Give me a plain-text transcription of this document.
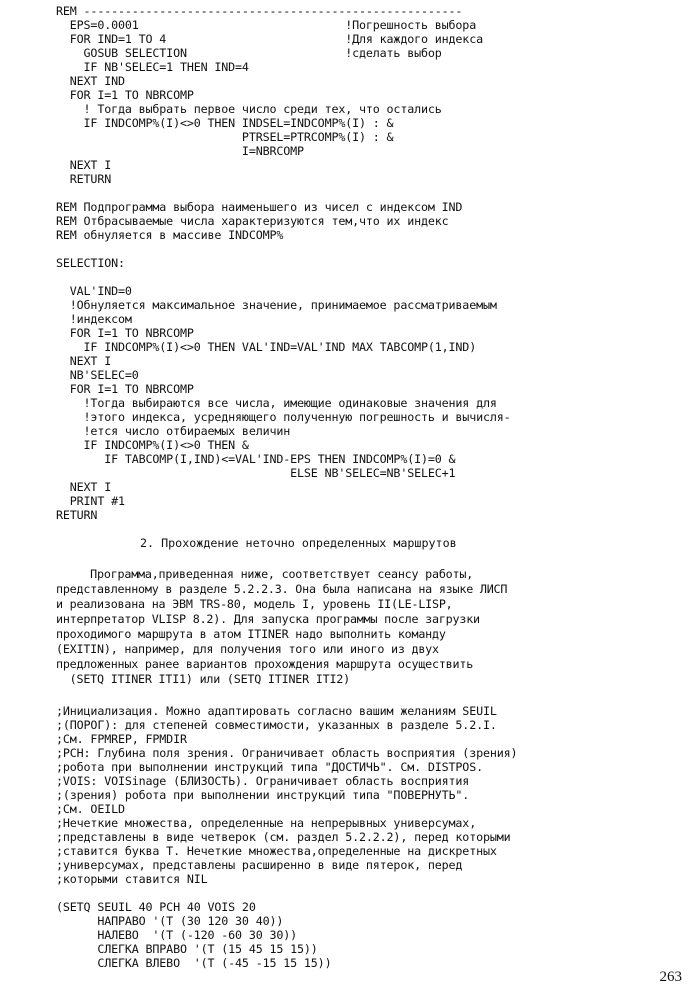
REM -------------------------------------------------------
EPS=0.0001                              !Погрешность выбора
FOR IND=1 TO 4                          !Для каждого индекса
GOSUB SELECTION                       !сделать выбор
IF NB'SELEC=1 THEN IND=4
NEXT IND
FOR I=1 TO NBRCOMP
! Тогда выбрать первое число среди тех, что остались
IF INDCOMP%(I)<>0 THEN INDSEL=INDCOMP%(I) : &
PTRSEL=PTRCOMP%(I) : &
I=NBRCOMP
NEXT I
RETURN

REM Подпрограмма выбора наименьшего из чисел с индексом IND
REM Отбрасываемые числа характеризуются тем,что их индекс
REM обнуляется в массиве INDCOMP%

SELECTION:

VAL'IND=0
!Обнуляется максимальное значение, принимаемое рассматриваемым
!индексом
FOR I=1 TO NBRCOMP
IF INDCOMP%(I)<>0 THEN VAL'IND=VAL'IND MAX TABCOMP(1,IND)
NEXT I
NB'SELEC=0
FOR I=1 TO NBRCOMP
!Тогда выбираются все числа, имеющие одинаковые значения для
!этого индекса, усредняющего полученную погрешность и вычисля-
!ется число отбираемых величин
IF INDCOMP%(I)<>0 THEN &
IF TABCOMP(I,IND)<=VAL'IND-EPS THEN INDCOMP%(I)=0 &
ELSE NB'SELEC=NB'SELEC+1
NEXT I
PRINT #1
RETURN
2. Прохождение неточно определенных маршрутов
Программа,приведенная ниже, соответствует сеансу работы,
представленному в разделе 5.2.2.3. Она была написана на языке ЛИСП
и реализована на ЭВМ TRS-80, модель I, уровень II(LE-LISP,
интерпретатор VLISP 8.2). Для запуска программы после загрузки
проходимого маршрута в атом ITINER надо выполнить команду
(EXITIN), например, для получения того или иного из двух
предложенных ранее вариантов прохождения маршрута осуществить
(SETQ ITINER ITI1) или (SETQ ITINER ITI2)
;Инициализация. Можно адаптировать согласно вашим желаниям SEUIL
;(ПОРОГ): для степеней совместимости, указанных в разделе 5.2.I.
;См. FPMREP, FPMDIR
;PCH: Глубина поля зрения. Ограничивает область восприятия (зрения)
;робота при выполнении инструкций типа "ДОСТИЧЬ". См. DISTPOS.
;VOIS: VOISinage (БЛИЗОСТЬ). Ограничивает область восприятия
;(зрения) робота при выполнении инструкций типа "ПОВЕРНУТЬ".
;См. OEILD
;Нечеткие множества, определенные на непрерывных универсумах,
;представлены в виде четверок (см. раздел 5.2.2.2), перед которыми
;ставится буква T. Нечеткие множества,определенные на дискретных
;универсумах, представлены расширенно в виде пятерок, перед
;которыми ставится NIL

(SETQ SEUIL 40 PCH 40 VOIS 20
НАПРАВО '(T (30 120 30 40))
НАЛЕВО  '(T (-120 -60 30 30))
СЛЕГКА ВПРАВО '(T (15 45 15 15))
СЛЕГКА ВЛЕВО  '(T (-45 -15 15 15))
263
